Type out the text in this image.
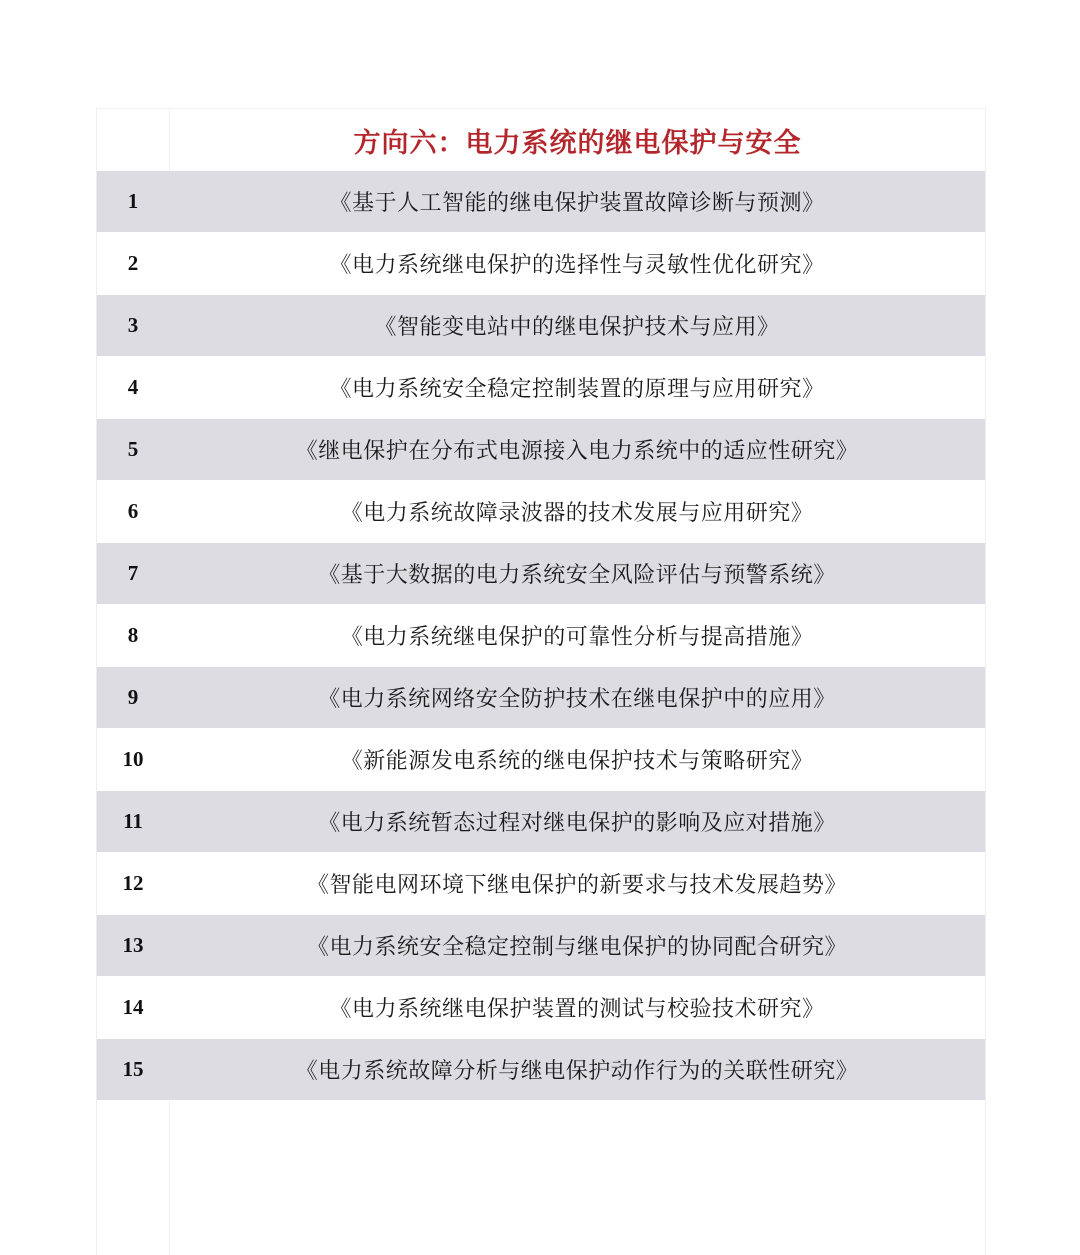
方向六：电力系统的继电保护与安全
1	《基于人工智能的继电保护装置故障诊断与预测》
2	《电力系统继电保护的选择性与灵敏性优化研究》
3	《智能变电站中的继电保护技术与应用》
4	《电力系统安全稳定控制装置的原理与应用研究》
5	《继电保护在分布式电源接入电力系统中的适应性研究》
6	《电力系统故障录波器的技术发展与应用研究》
7	《基于大数据的电力系统安全风险评估与预警系统》
8	《电力系统继电保护的可靠性分析与提高措施》
9	《电力系统网络安全防护技术在继电保护中的应用》
10	《新能源发电系统的继电保护技术与策略研究》
11	《电力系统暂态过程对继电保护的影响及应对措施》
12	《智能电网环境下继电保护的新要求与技术发展趋势》
13	《电力系统安全稳定控制与继电保护的协同配合研究》
14	《电力系统继电保护装置的测试与校验技术研究》
15	《电力系统故障分析与继电保护动作行为的关联性研究》
